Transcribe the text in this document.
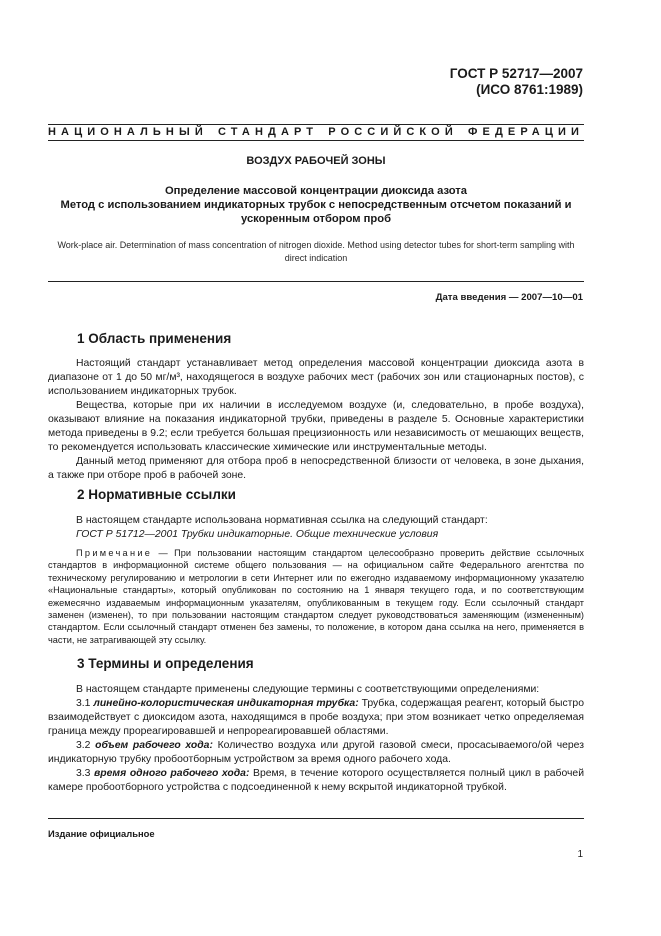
ГОСТ Р 52717—2007
(ИСО 8761:1989)
НАЦИОНАЛЬНЫЙ СТАНДАРТ РОССИЙСКОЙ ФЕДЕРАЦИИ
ВОЗДУХ РАБОЧЕЙ ЗОНЫ
Определение массовой концентрации диоксида азота
Метод с использованием индикаторных трубок с непосредственным отсчетом показаний и
ускоренным отбором проб
Work-place air. Determination of mass concentration of nitrogen dioxide. Method using detector tubes for short-term sampling with direct indication
Дата введения — 2007—10—01
1 Область применения

Настоящий стандарт устанавливает метод определения массовой концентрации диоксида азота в диапазоне от 1 до 50 мг/м³, находящегося в воздухе рабочих мест (рабочих зон или стационарных постов), с использованием индикаторных трубок.

Вещества, которые при их наличии в исследуемом воздухе (и, следовательно, в пробе воздуха), оказывают влияние на показания индикаторной трубки, приведены в разделе 5. Основные характеристики метода приведены в 9.2; если требуется большая прецизионность или независимость от мешающих веществ, то рекомендуется использовать классические химические или инструментальные методы.

Данный метод применяют для отбора проб в непосредственной близости от человека, в зоне дыхания, а также при отборе проб в рабочей зоне.

2 Нормативные ссылки

В настоящем стандарте использована нормативная ссылка на следующий стандарт:

ГОСТ Р 51712—2001 Трубки индикаторные. Общие технические условия

Примечание — При пользовании настоящим стандартом целесообразно проверить действие ссылочных стандартов в информационной системе общего пользования — на официальном сайте Федерального агентства по техническому регулированию и метрологии в сети Интернет или по ежегодно издаваемому информационному указателю «Национальные стандарты», который опубликован по состоянию на 1 января текущего года, и по соответствующим ежемесячно издаваемым информационным указателям, опубликованным в текущем году. Если ссылочный стандарт заменен (изменен), то при пользовании настоящим стандартом следует руководствоваться заменяющим (измененным) стандартом. Если ссылочный стандарт отменен без замены, то положение, в котором дана ссылка на него, применяется в части, не затрагивающей эту ссылку.

3 Термины и определения

В настоящем стандарте применены следующие термины с соответствующими определениями:

3.1 линейно-колористическая индикаторная трубка: Трубка, содержащая реагент, который быстро взаимодействует с диоксидом азота, находящимся в пробе воздуха; при этом возникает четко определяемая граница между прореагировавшей и непрореагировавшей областями.

3.2 объем рабочего хода: Количество воздуха или другой газовой смеси, просасываемого/ой через индикаторную трубку пробоотборным устройством за время одного рабочего хода.

3.3 время одного рабочего хода: Время, в течение которого осуществляется полный цикл в рабочей камере пробоотборного устройства с подсоединенной к нему вскрытой индикаторной трубкой.

Издание официальное
1
